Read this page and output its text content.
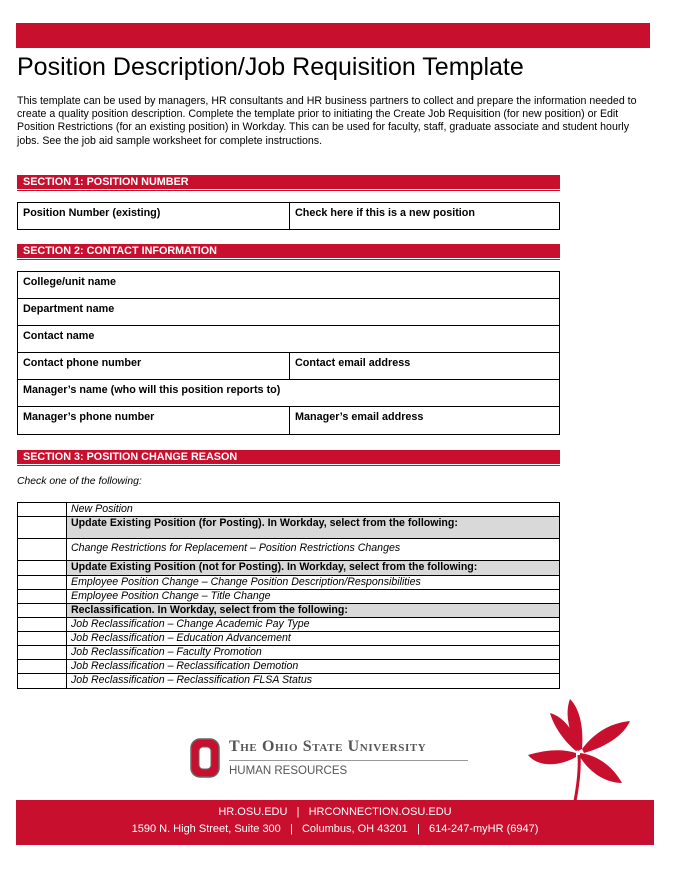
Position Description/Job Requisition Template
This template can be used by managers, HR consultants and HR business partners to collect and prepare the information needed to create a quality position description. Complete the template prior to initiating the Create Job Requisition (for new position) or Edit Position Restrictions (for an existing position) in Workday. This can be used for faculty, staff, graduate associate and student hourly jobs. See the job aid sample worksheet for complete instructions.
SECTION 1: POSITION NUMBER
Position Number (existing)	Check here if this is a new position
SECTION 2: CONTACT INFORMATION
College/unit name
Department name
Contact name
Contact phone number	Contact email address
Manager’s name (who will this position reports to)
Manager’s phone number	Manager’s email address
SECTION 3: POSITION CHANGE REASON
Check one of the following:
New Position
Update Existing Position (for Posting). In Workday, select from the following:
Change Restrictions for Replacement – Position Restrictions Changes
Update Existing Position (not for Posting). In Workday, select from the following:
Employee Position Change – Change Position Description/Responsibilities
Employee Position Change – Title Change
Reclassification. In Workday, select from the following:
Job Reclassification – Change Academic Pay Type
Job Reclassification – Education Advancement
Job Reclassification – Faculty Promotion
Job Reclassification – Reclassification Demotion
Job Reclassification – Reclassification FLSA Status
The Ohio State University
HUMAN RESOURCES
HR.OSU.EDU   |   HRCONNECTION.OSU.EDU
1590 N. High Street, Suite 300   |   Columbus, OH 43201   |   614-247-myHR (6947)
